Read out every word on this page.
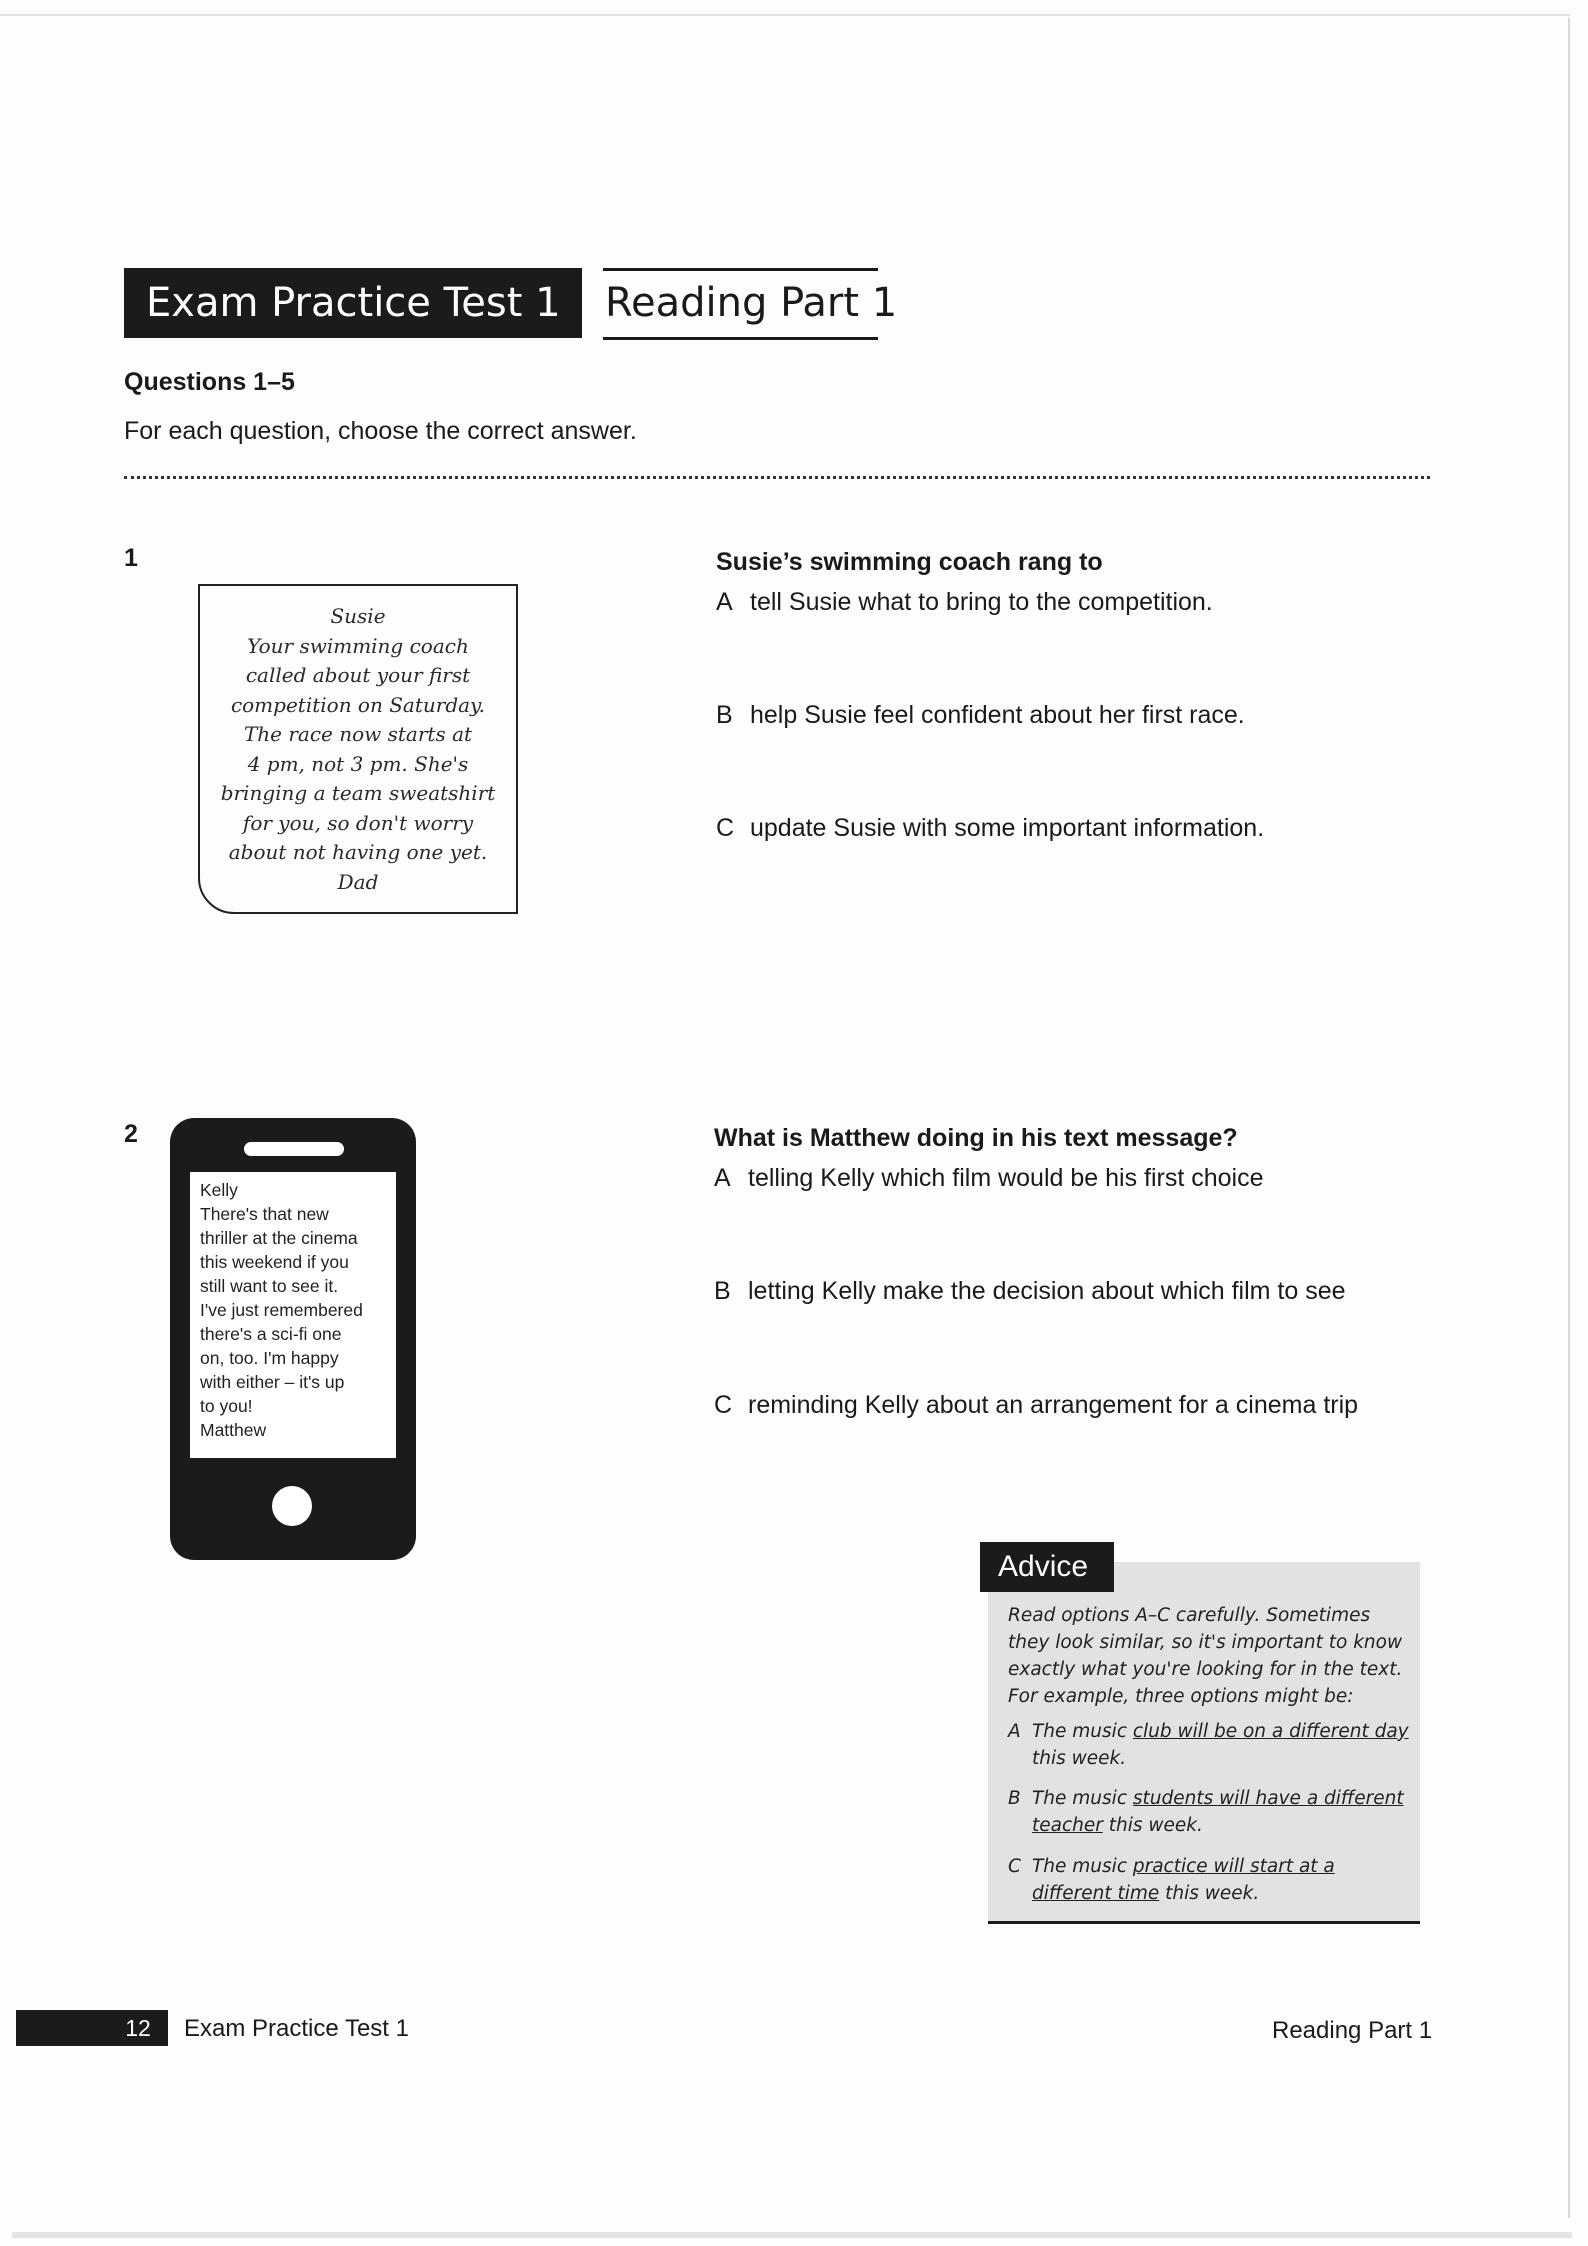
Exam Practice Test 1	Reading Part 1
Questions 1–5
For each question, choose the correct answer.
1
Susie
Your swimming coach
called about your first
competition on Saturday.
The race now starts at
4 pm, not 3 pm. She's
bringing a team sweatshirt
for you, so don't worry
about not having one yet.
Dad
Susie’s swimming coach rang to
A tell Susie what to bring to the competition.
B help Susie feel confident about her first race.
C update Susie with some important information.
2
Kelly
There's that new
thriller at the cinema
this weekend if you
still want to see it.
I've just remembered
there's a sci-fi one
on, too. I'm happy
with either – it's up
to you!
Matthew
What is Matthew doing in his text message?
A telling Kelly which film would be his first choice
B letting Kelly make the decision about which film to see
C reminding Kelly about an arrangement for a cinema trip
Advice
Read options A–C carefully. Sometimes
they look similar, so it's important to know
exactly what you're looking for in the text.
For example, three options might be:
A The music club will be on a different day
this week.
B The music students will have a different
teacher this week.
C The music practice will start at a
different time this week.
12	Exam Practice Test 1	Reading Part 1
